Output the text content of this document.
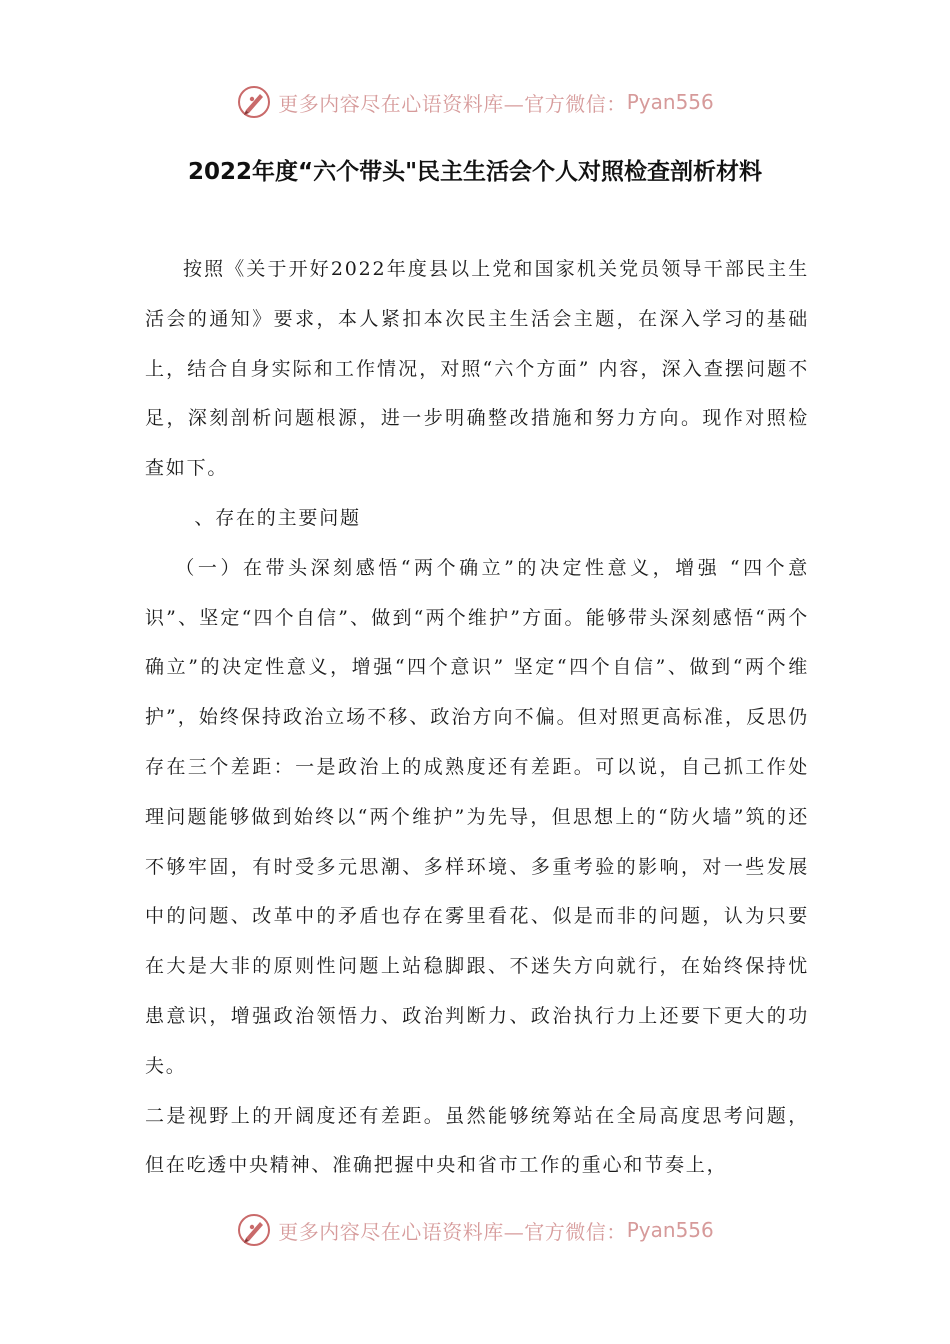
更多内容尽在心语资料库—官方微信： Pyan556
2022年度“六个带头"民主生活会个人对照检查剖析材料

按照《关于开好2022年度县以上党和国家机关党员领导干部民主生活会的通知》要求，本人紧扣本次民主生活会主题，在深入学习的基础上，结合自身实际和工作情况，对照“六个方面” 内容，深入查摆问题不足，深刻剖析问题根源，进一步明确整改措施和努力方向。现作对照检查如下。

、存在的主要问题

（一）在带头深刻感悟“两个确立”的决定性意义，增强 “四个意识”、坚定“四个自信”、做到“两个维护”方面。能够带头深刻感悟“两个确立”的决定性意义，增强“四个意识” 坚定“四个自信”、做到“两个维护”，始终保持政治立场不移、政治方向不偏。但对照更高标准，反思仍存在三个差距：一是政治上的成熟度还有差距。可以说，自己抓工作处理问题能够做到始终以“两个维护”为先导，但思想上的“防火墙”筑的还不够牢固，有时受多元思潮、多样环境、多重考验的影响，对一些发展中的问题、改革中的矛盾也存在雾里看花、似是而非的问题，认为只要在大是大非的原则性问题上站稳脚跟、不迷失方向就行，在始终保持忧患意识，增强政治领悟力、政治判断力、政治执行力上还要下更大的功夫。

二是视野上的开阔度还有差距。虽然能够统筹站在全局高度思考问题，但在吃透中央精神、准确把握中央和省市工作的重心和节奏上，

更多内容尽在心语资料库—官方微信： Pyan556
